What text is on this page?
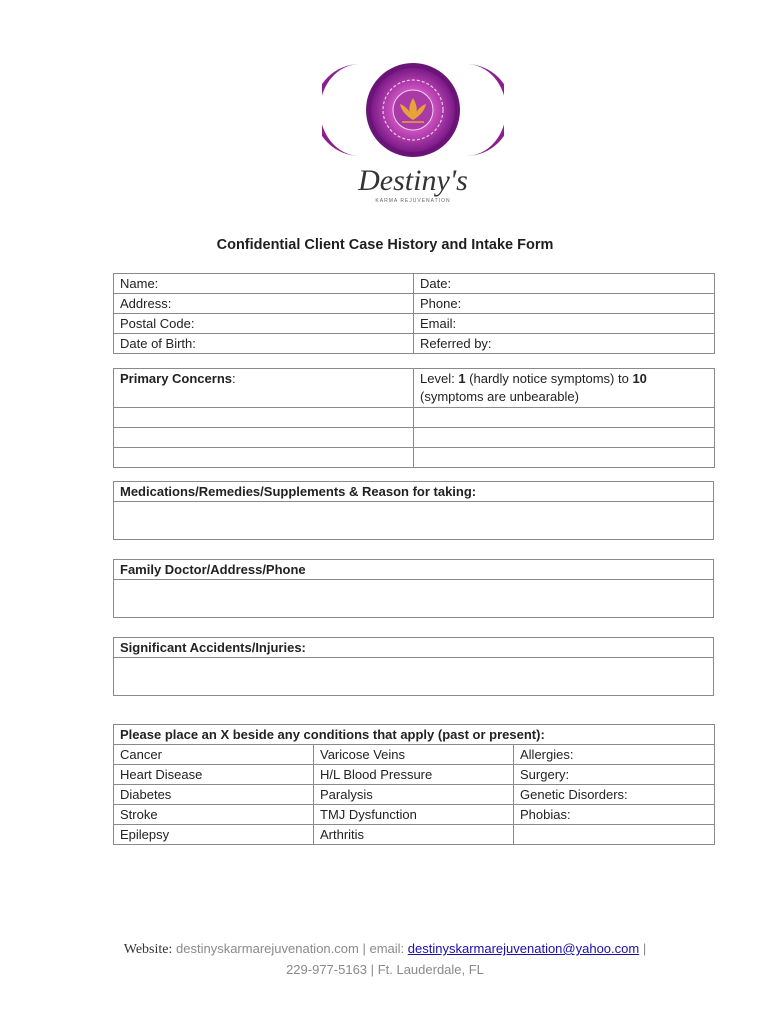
Destiny's
KARMA REJUVENATION
Confidential Client Case History and Intake Form
Name:	Date:
Address:	Phone:
Postal Code:	Email:
Date of Birth:	Referred by:
Primary Concerns:	Level: 1 (hardly notice symptoms) to 10 (symptoms are unbearable)

Medications/Remedies/Supplements & Reason for taking:

Family Doctor/Address/Phone

Significant Accidents/Injuries:

Please place an X beside any conditions that apply (past or present):		
Cancer	Varicose Veins	Allergies:
Heart Disease	H/L Blood Pressure	Surgery:
Diabetes	Paralysis	Genetic Disorders:
Stroke	TMJ Dysfunction	Phobias:
Epilepsy	Arthritis	
Website: destinyskarmarejuvenation.com | email: destinyskarmarejuvenation@yahoo.com |
229-977-5163 | Ft. Lauderdale, FL
